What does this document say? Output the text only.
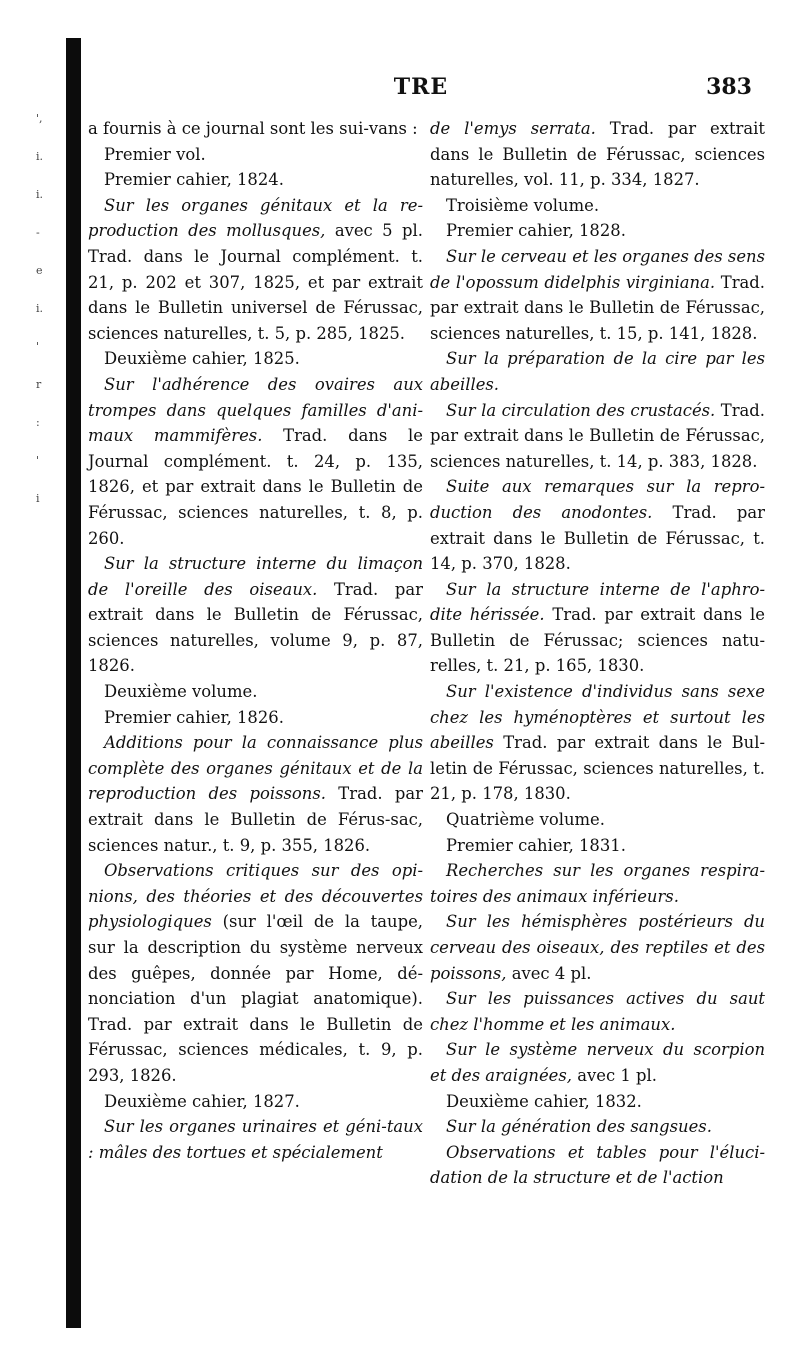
',
i.
i.
-
e
i.
'
r
:
'
i
TRE	383

a fournis à ce journal sont les sui-vans :

Premier vol.

Premier cahier, 1824.

Sur les organes génitaux et la re-production des mollusques, avec 5 pl. Trad. dans le Journal complément. t. 21, p. 202 et 307, 1825, et par extrait dans le Bulletin universel de Férussac, sciences naturelles, t. 5, p. 285, 1825.

Deuxième cahier, 1825.

Sur l'adhérence des ovaires aux trompes dans quelques familles d'ani-maux mammifères. Trad. dans le Journal complément. t. 24, p. 135, 1826, et par extrait dans le Bulletin de Férussac, sciences naturelles, t. 8, p. 260.

Sur la structure interne du limaçon de l'oreille des oiseaux. Trad. par extrait dans le Bulletin de Férussac, sciences naturelles, volume 9, p. 87, 1826.

Deuxième volume.

Premier cahier, 1826.

Additions pour la connaissance plus complète des organes génitaux et de la reproduction des poissons. Trad. par extrait dans le Bulletin de Férus-sac, sciences natur., t. 9, p. 355, 1826.

Observations critiques sur des opi-nions, des théories et des découvertes physiologiques (sur l'œil de la taupe, sur la description du système nerveux des guêpes, donnée par Home, dé-nonciation d'un plagiat anatomique). Trad. par extrait dans le Bulletin de Férussac, sciences médicales, t. 9, p. 293, 1826.

Deuxième cahier, 1827.

Sur les organes urinaires et géni-taux : mâles des tortues et spécialement

de l'emys serrata. Trad. par extrait dans le Bulletin de Férussac, sciences naturelles, vol. 11, p. 334, 1827.

Troisième volume.

Premier cahier, 1828.

Sur le cerveau et les organes des sens de l'opossum didelphis virginiana. Trad. par extrait dans le Bulletin de Férussac, sciences naturelles, t. 15, p. 141, 1828.

Sur la préparation de la cire par les abeilles.

Sur la circulation des crustacés. Trad. par extrait dans le Bulletin de Férussac, sciences naturelles, t. 14, p. 383, 1828.

Suite aux remarques sur la repro-duction des anodontes. Trad. par extrait dans le Bulletin de Férussac, t. 14, p. 370, 1828.

Sur la structure interne de l'aphro-dite hérissée. Trad. par extrait dans le Bulletin de Férussac; sciences natu-relles, t. 21, p. 165, 1830.

Sur l'existence d'individus sans sexe chez les hyménoptères et surtout les abeilles Trad. par extrait dans le Bul-letin de Férussac, sciences naturelles, t. 21, p. 178, 1830.

Quatrième volume.

Premier cahier, 1831.

Recherches sur les organes respira-toires des animaux inférieurs.

Sur les hémisphères postérieurs du cerveau des oiseaux, des reptiles et des poissons, avec 4 pl.

Sur les puissances actives du saut chez l'homme et les animaux.

Sur le système nerveux du scorpion et des araignées, avec 1 pl.

Deuxième cahier, 1832.

Sur la génération des sangsues.

Observations et tables pour l'éluci-dation de la structure et de l'action
